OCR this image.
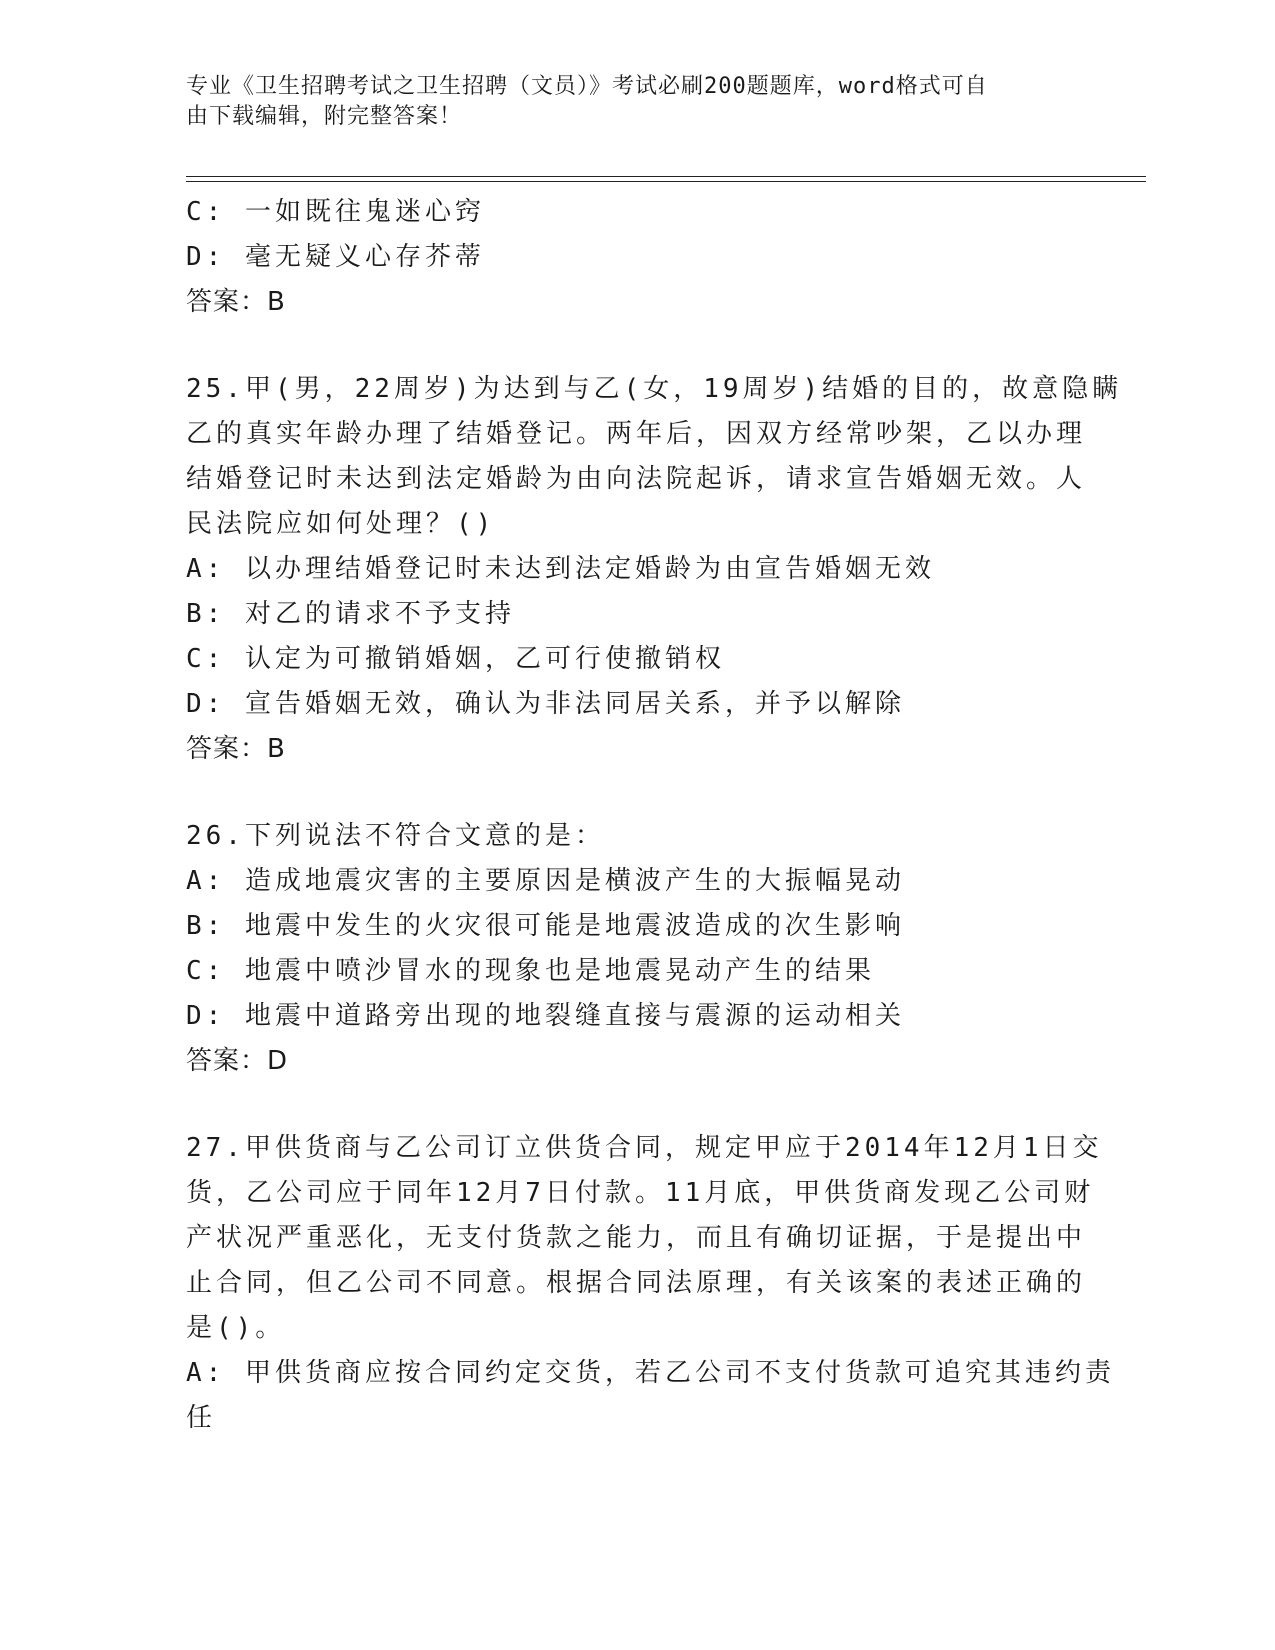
专业《卫生招聘考试之卫生招聘（文员）》考试必刷200题题库，word格式可自
由下载编辑，附完整答案！
C: 一如既往鬼迷心窍
D: 毫无疑义心存芥蒂
答案：B
25.甲(男，22周岁)为达到与乙(女，19周岁)结婚的目的，故意隐瞒
乙的真实年龄办理了结婚登记。两年后，因双方经常吵架，乙以办理
结婚登记时未达到法定婚龄为由向法院起诉，请求宣告婚姻无效。人
民法院应如何处理？()
A: 以办理结婚登记时未达到法定婚龄为由宣告婚姻无效
B: 对乙的请求不予支持
C: 认定为可撤销婚姻，乙可行使撤销权
D: 宣告婚姻无效，确认为非法同居关系，并予以解除
答案：B
26.下列说法不符合文意的是：
A: 造成地震灾害的主要原因是横波产生的大振幅晃动
B: 地震中发生的火灾很可能是地震波造成的次生影响
C: 地震中喷沙冒水的现象也是地震晃动产生的结果
D: 地震中道路旁出现的地裂缝直接与震源的运动相关
答案：D
27.甲供货商与乙公司订立供货合同，规定甲应于2014年12月1日交
货，乙公司应于同年12月7日付款。11月底，甲供货商发现乙公司财
产状况严重恶化，无支付货款之能力，而且有确切证据，于是提出中
止合同，但乙公司不同意。根据合同法原理，有关该案的表述正确的
是()。
A: 甲供货商应按合同约定交货，若乙公司不支付货款可追究其违约责
任
